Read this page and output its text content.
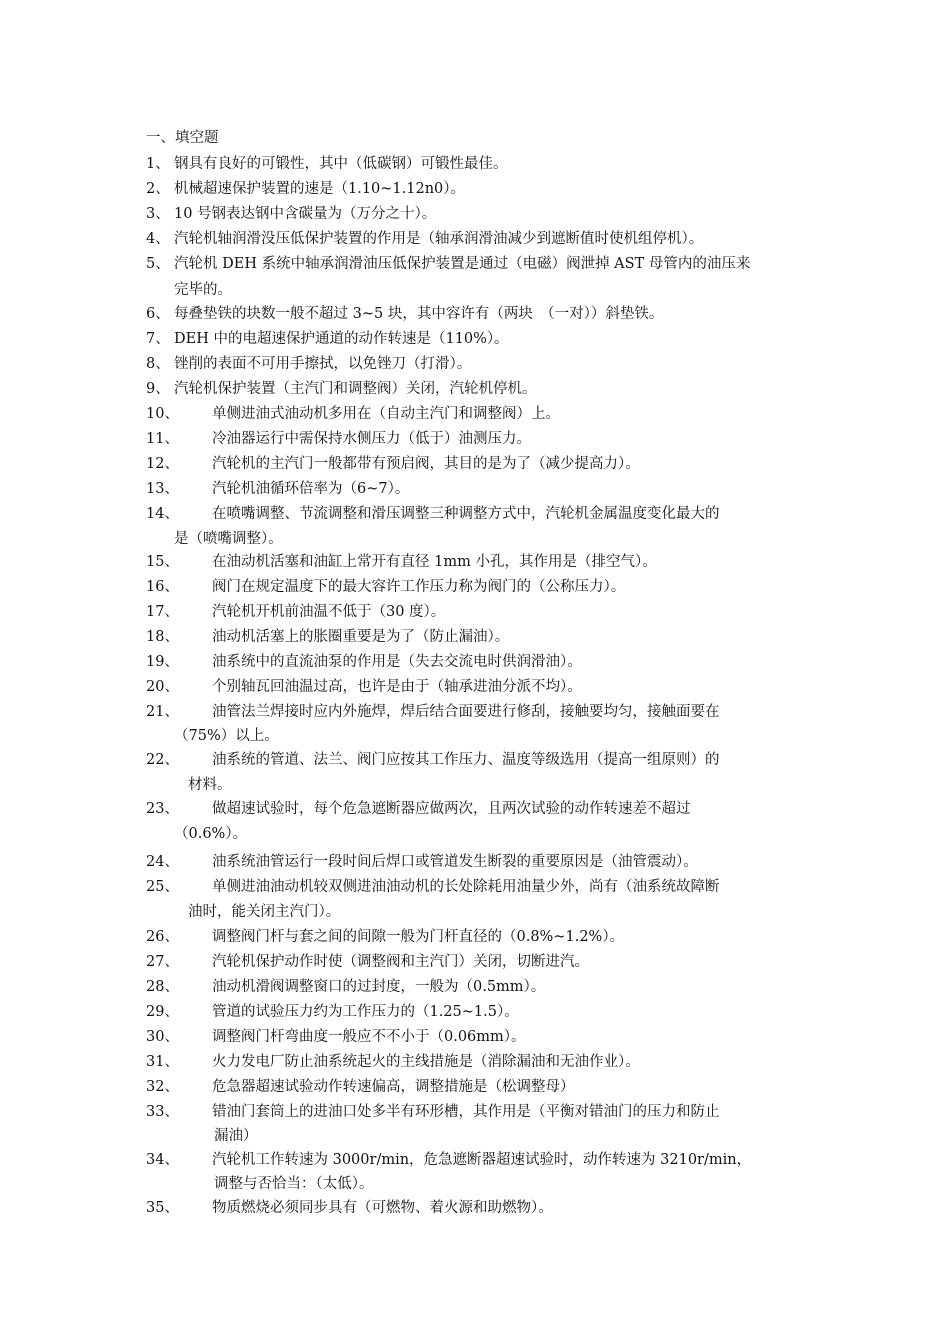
一、填空题
1、 钢具有良好的可锻性，其中（低碳钢）可锻性最佳。
2、 机械超速保护装置的速是（1.10~1.12n0）。
3、 10 号钢表达钢中含碳量为（万分之十）。
4、 汽轮机轴润滑没压低保护装置的作用是（轴承润滑油减少到遮断值时使机组停机）。
5、 汽轮机 DEH 系统中轴承润滑油压低保护装置是通过（电磁）阀泄掉 AST 母管内的油压来
完毕的。
6、 每叠垫铁的块数一般不超过 3~5 块，其中容许有（两块　（一对））斜垫铁。
7、 DEH 中的电超速保护通道的动作转速是（110%）。
8、 锉削的表面不可用手擦拭，以免锉刀（打滑）。
9、 汽轮机保护装置（主汽门和调整阀）关闭，汽轮机停机。
10、 单侧进油式油动机多用在（自动主汽门和调整阀）上。
11、 冷油器运行中需保持水侧压力（低于）油测压力。
12、 汽轮机的主汽门一般都带有预启阀，其目的是为了（减少提高力）。
13、 汽轮机油循环倍率为（6~7）。
14、 在喷嘴调整、节流调整和滑压调整三种调整方式中，汽轮机金属温度变化最大的
是（喷嘴调整）。
15、 在油动机活塞和油缸上常开有直径 1mm 小孔，其作用是（排空气）。
16、 阀门在规定温度下的最大容许工作压力称为阀门的（公称压力）。
17、 汽轮机开机前油温不低于（30 度）。
18、 油动机活塞上的胀圈重要是为了（防止漏油）。
19、 油系统中的直流油泵的作用是（失去交流电时供润滑油）。
20、 个别轴瓦回油温过高，也许是由于（轴承进油分派不均）。
21、 油管法兰焊接时应内外施焊，焊后结合面要进行修刮，接触要均匀，接触面要在
（75%）以上。
22、 油系统的管道、法兰、阀门应按其工作压力、温度等级选用（提高一组原则）的
材料。
23、 做超速试验时，每个危急遮断器应做两次，且两次试验的动作转速差不超过
（0.6%）。
24、 油系统油管运行一段时间后焊口或管道发生断裂的重要原因是（油管震动）。
25、 单侧进油油动机较双侧进油油动机的长处除耗用油量少外，尚有（油系统故障断
油时，能关闭主汽门）。
26、 调整阀门杆与套之间的间隙一般为门杆直径的（0.8%~1.2%）。
27、 汽轮机保护动作时使（调整阀和主汽门）关闭，切断进汽。
28、 油动机滑阀调整窗口的过封度，一般为（0.5mm）。
29、 管道的试验压力约为工作压力的（1.25~1.5）。
30、 调整阀门杆弯曲度一般应不不小于（0.06mm）。
31、 火力发电厂防止油系统起火的主线措施是（消除漏油和无油作业）。
32、 危急器超速试验动作转速偏高，调整措施是（松调整母）
33、 错油门套筒上的进油口处多半有环形槽，其作用是（平衡对错油门的压力和防止
漏油）
34、 汽轮机工作转速为 3000r/min，危急遮断器超速试验时，动作转速为 3210r/min，
调整与否恰当：（太低）。
35、 物质燃烧必须同步具有（可燃物、着火源和助燃物）。
